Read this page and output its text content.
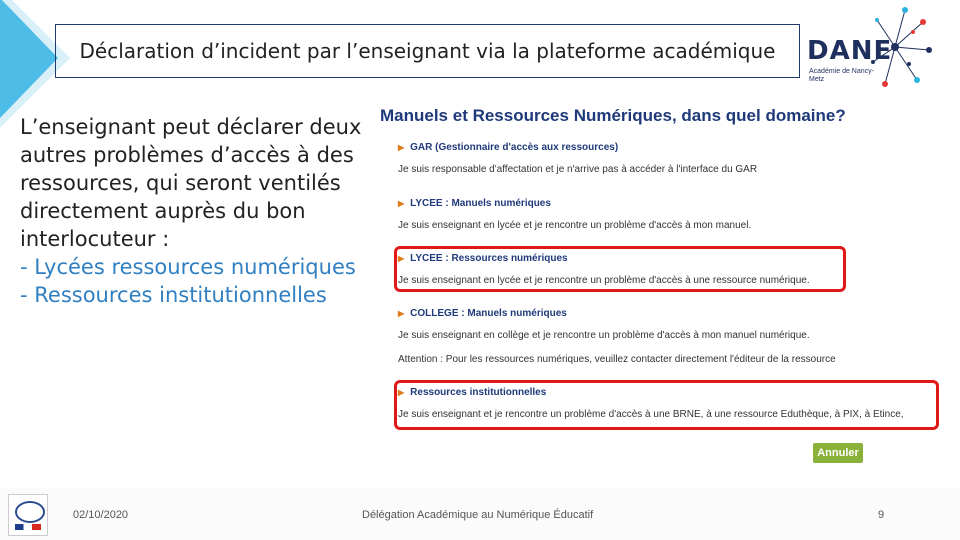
Déclaration d’incident par l’enseignant via la plateforme académique DANE
Académie de Nancy-Metz
L’enseignant peut déclarer deux
autres problèmes d’accès à des
ressources, qui seront ventilés
directement auprès du bon
interlocuteur :
- Lycées ressources numériques
- Ressources institutionnelles
Manuels et Ressources Numériques, dans quel domaine?
▶ GAR (Gestionnaire d'accès aux ressources)
Je suis responsable d'affectation et je n'arrive pas à accéder à l'interface du GAR
▶ LYCEE : Manuels numériques
Je suis enseignant en lycée et je rencontre un problème d'accès à mon manuel.
▶ LYCEE : Ressources numériques
Je suis enseignant en lycée et je rencontre un problème d'accès à une ressource numérique.
▶ COLLEGE : Manuels numériques
Je suis enseignant en collège et je rencontre un problème d'accès à mon manuel numérique.
Attention : Pour les ressources numériques, veuillez contacter directement l'éditeur de la ressource
▶ Ressources institutionnelles
Je suis enseignant et je rencontre un problème d'accès à une BRNE, à une ressource Eduthèque, à PIX, à Etince,
Annuler
02/10/2020	Délégation Académique au Numérique Éducatif	9
